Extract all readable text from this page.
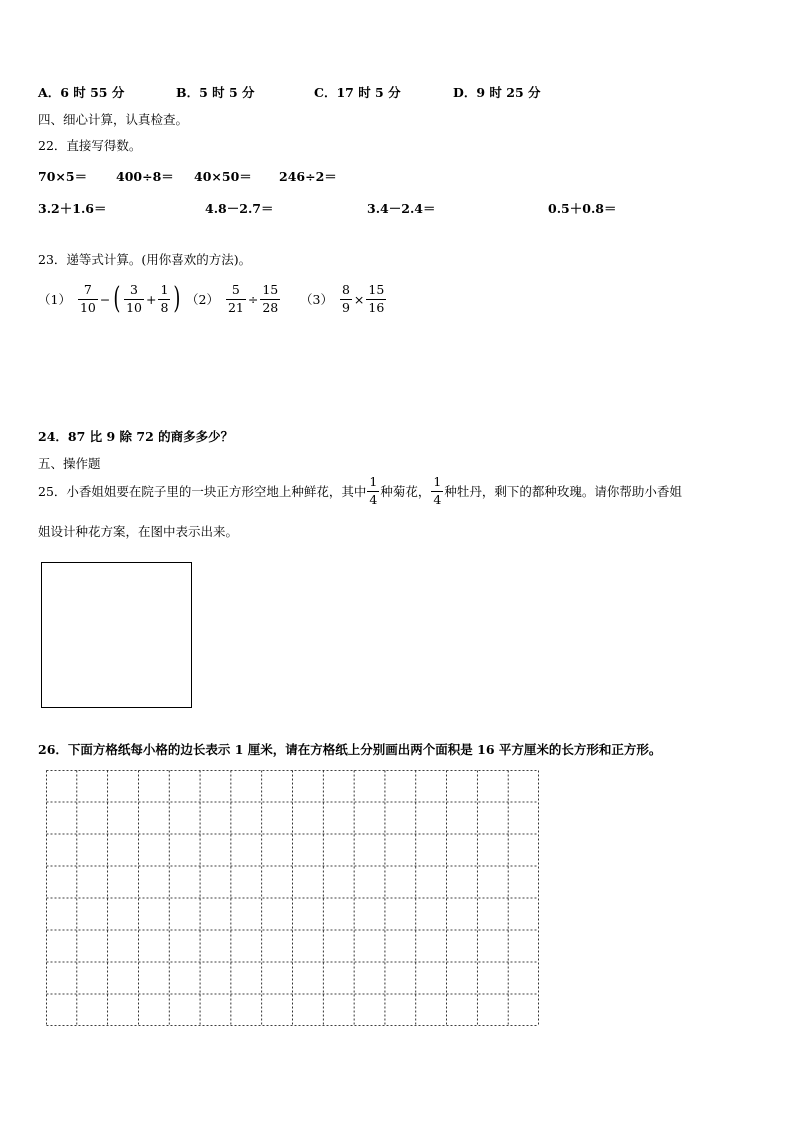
A．6 时 55 分	B．5 时 5 分	C．17 时 5 分	D．9 时 25 分
四、细心计算，认真检查。
22．直接写得数。
70×5＝ 400÷8＝ 40×50＝ 246÷2＝
3.2＋1.6＝	4.8－2.7＝	3.4－2.4＝	0.5＋0.8＝
23．递等式计算。(用你喜欢的方法)。
$(1) \frac{7}{10}$ − ( $\frac{3}{10} + \frac{1}{8}$ ) $(2) \frac{5}{21} \div \frac{15}{28} (3) \frac{8}{9} \times \frac{15}{16}$
24．87 比 9 除 72 的商多多少？
五、操作题
25．小香姐姐要在院子里的一块正方形空地上种鲜花，其中 $\frac{1}{4}$ 种菊花， $\frac{1}{4}$ 种牡丹，剩下的都种玫瑰。请你帮助小香姐
姐设计种花方案，在图中表示出来。
26．下面方格纸每小格的边长表示 1 厘米，请在方格纸上分别画出两个面积是 16 平方厘米的长方形和正方形。
